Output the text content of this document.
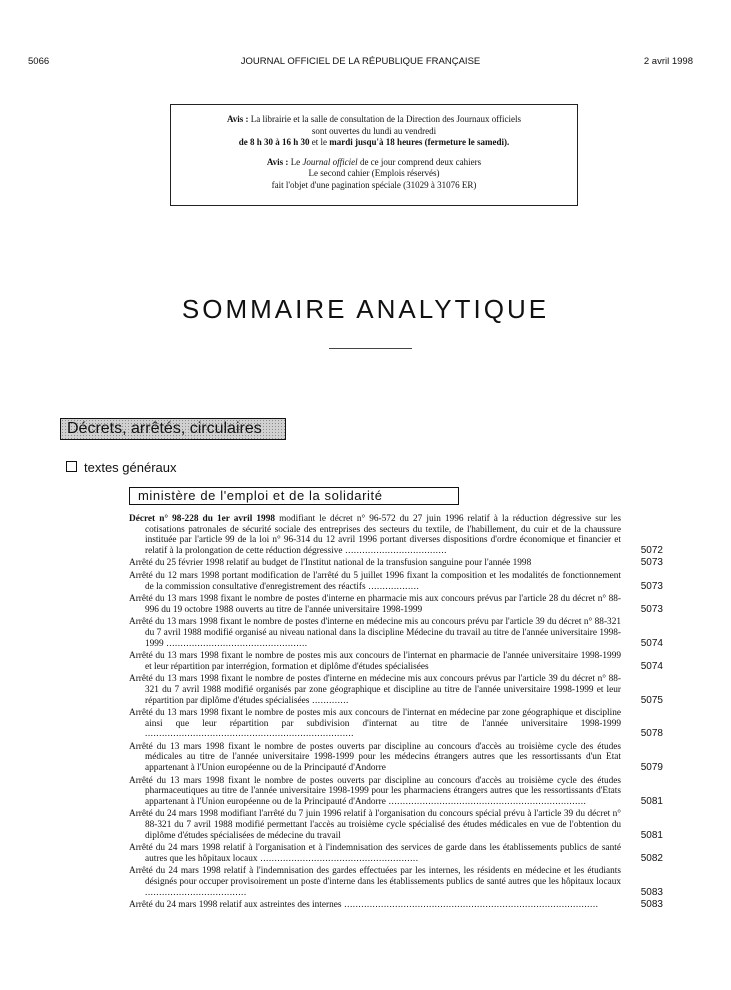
5066	JOURNAL OFFICIEL DE LA RÉPUBLIQUE FRANÇAISE	2 avril 1998

Avis : La librairie et la salle de consultation de la Direction des Journaux officiels

sont ouvertes du lundi au vendredi

de 8 h 30 à 16 h 30 et le mardi jusqu'à 18 heures (fermeture le samedi).

Avis : Le Journal officiel de ce jour comprend deux cahiers

Le second cahier (Emplois réservés)

fait l'objet d'une pagination spéciale (31029 à 31076 ER)

SOMMAIRE ANALYTIQUE
Décrets, arrêtés, circulaires
textes généraux
ministère de l'emploi et de la solidarité
Décret n° 98-228 du 1er avril 1998 modifiant le décret n° 96-572 du 27 juin 1996 relatif à la réduction dégressive sur les cotisations patronales de sécurité sociale des entreprises des secteurs du textile, de l'habillement, du cuir et de la chaussure instituée par l'article 99 de la loi n° 96-314 du 12 avril 1996 portant diverses dispositions d'ordre économique et financier et relatif à la prolongation de cette réduction dégressive ....................................	5072
Arrêté du 25 février 1998 relatif au budget de l'Institut national de la transfusion sanguine pour l'année 1998	5073
Arrêté du 12 mars 1998 portant modification de l'arrêté du 5 juillet 1996 fixant la composition et les modalités de fonctionnement de la commission consultative d'enregistrement des réactifs ..................	5073
Arrêté du 13 mars 1998 fixant le nombre de postes d'interne en pharmacie mis aux concours prévus par l'article 28 du décret n° 88-996 du 19 octobre 1988 ouverts au titre de l'année universitaire 1998-1999	5073
Arrêté du 13 mars 1998 fixant le nombre de postes d'interne en médecine mis au concours prévu par l'article 39 du décret n° 88-321 du 7 avril 1988 modifié organisé au niveau national dans la discipline Médecine du travail au titre de l'année universitaire 1998-1999 ..................................................	5074
Arrêté du 13 mars 1998 fixant le nombre de postes mis aux concours de l'internat en pharmacie de l'année universitaire 1998-1999 et leur répartition par interrégion, formation et diplôme d'études spécialisées	5074
Arrêté du 13 mars 1998 fixant le nombre de postes d'interne en médecine mis aux concours prévus par l'article 39 du décret n° 88-321 du 7 avril 1988 modifié organisés par zone géographique et discipline au titre de l'année universitaire 1998-1999 et leur répartition par diplôme d'études spécialisées .............	5075
Arrêté du 13 mars 1998 fixant le nombre de postes mis aux concours de l'internat en médecine par zone géographique et discipline ainsi que leur répartition par subdivision d'internat au titre de l'année universitaire 1998-1999 ..........................................................................	5078
Arrêté du 13 mars 1998 fixant le nombre de postes ouverts par discipline au concours d'accès au troisième cycle des études médicales au titre de l'année universitaire 1998-1999 pour les médecins étrangers autres que les ressortissants d'un Etat appartenant à l'Union européenne ou de la Principauté d'Andorre	5079
Arrêté du 13 mars 1998 fixant le nombre de postes ouverts par discipline au concours d'accès au troisième cycle des études pharmaceutiques au titre de l'année universitaire 1998-1999 pour les pharmaciens étrangers autres que les ressortissants d'Etats appartenant à l'Union européenne ou de la Principauté d'Andorre ......................................................................	5081
Arrêté du 24 mars 1998 modifiant l'arrêté du 7 juin 1996 relatif à l'organisation du concours spécial prévu à l'article 39 du décret n° 88-321 du 7 avril 1988 modifié permettant l'accès au troisième cycle spécialisé des études médicales en vue de l'obtention du diplôme d'études spécialisées de médecine du travail	5081
Arrêté du 24 mars 1998 relatif à l'organisation et à l'indemnisation des services de garde dans les établissements publics de santé autres que les hôpitaux locaux ........................................................	5082
Arrêté du 24 mars 1998 relatif à l'indemnisation des gardes effectuées par les internes, les résidents en médecine et les étudiants désignés pour occuper provisoirement un poste d'interne dans les établissements publics de santé autres que les hôpitaux locaux ....................................	5083
Arrêté du 24 mars 1998 relatif aux astreintes des internes ..........................................................................................	5083
